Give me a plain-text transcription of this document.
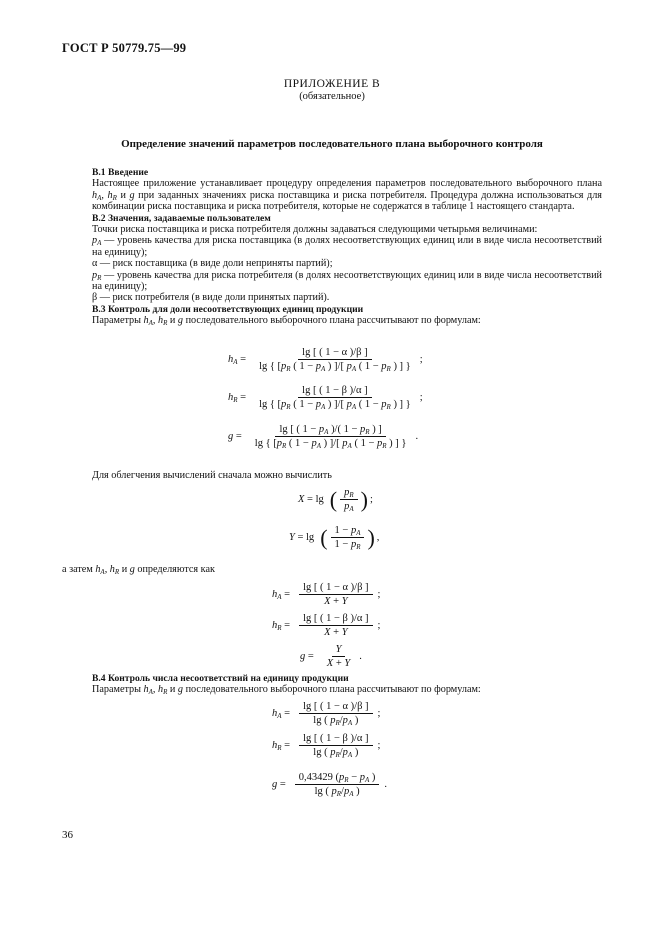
ГОСТ Р 50779.75—99
ПРИЛОЖЕНИЕ В
(обязательное)
Определение значений параметров последовательного плана выборочного контроля

B.1 Введение

Настоящее приложение устанавливает процедуру определения параметров последовательного выборочного плана $h_A$, $h_R$ и g при заданных значениях риска поставщика и риска потребителя. Процедура должна использоваться для комбинации риска поставщика и риска потребителя, которые не содержатся в таблице 1 настоящего стандарта.

B.2 Значения, задаваемые пользователем

Точки риска поставщика и риска потребителя должны задаваться следующими четырьмя величинами:

$p_A$ — уровень качества для риска поставщика (в долях несоответствующих единиц или в виде числа несоответствий на единицу);

α — риск поставщика (в виде доли неприняты партий);

$p_R$ — уровень качества для риска потребителя (в долях несоответствующих единиц или в виде числа несоответствий на единицу);

β — риск потребителя (в виде доли принятых партий).

B.3 Контроль для доли несоответствующих единиц продукции

Параметры $h_A$, $h_R$ и g последовательного выборочного плана рассчитывают по формулам:

$h_A = \frac{\lg [ ( 1 - \alpha )/\beta ]}{\lg \{ [p_R ( 1 - p_A ) ]/[ p_A ( 1 - p_R ) ] \}}$ ;
$h_R = \frac{\lg [ ( 1 - \beta )/\alpha ]}{\lg \{ [p_R ( 1 - p_A ) ]/[ p_A ( 1 - p_R ) ] \}}$ ;
$g = \frac{\lg [ ( 1 - p_A )/( 1 - p_R ) ]}{\lg \{ [p_R ( 1 - p_A ) ]/[ p_A ( 1 - p_R ) ] \}}$ .

Для облегчения вычислений сначала можно вычислить

X = lg ( $\frac{p_R}{p_A}$ ) ;
Y = lg ( $\frac{1 - p_A}{1 - p_R}$ ) ,

а затем $h_A$, $h_R$ и g определяются как

$h_A = \frac{\lg [ ( 1 - \alpha )/\beta ]}{X + Y}$ ;
$h_R = \frac{\lg [ ( 1 - \beta )/\alpha ]}{X + Y}$ ;
$g = \frac{Y}{X + Y}$ .

B.4 Контроль числа несоответствий на единицу продукции

Параметры $h_A$, $h_R$ и g последовательного выборочного плана рассчитывают по формулам:

$h_A = \frac{\lg [ ( 1 - \alpha )/\beta ]}{\lg ( p_R/p_A )}$ ;
$h_R = \frac{\lg [ ( 1 - \beta )/\alpha ]}{\lg ( p_R/p_A )}$ ;
$g = \frac{0,43429 (p_R - p_A )}{\lg ( p_R/p_A )}$ .
36
